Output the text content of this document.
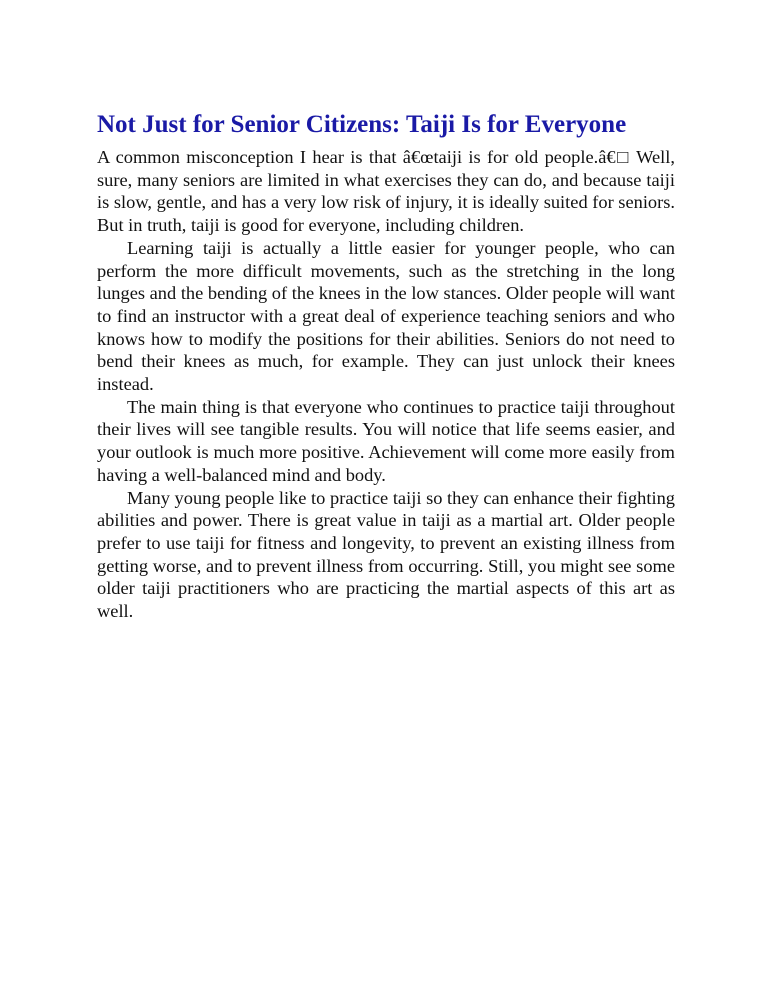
Not Just for Senior Citizens: Taiji Is for Everyone

A common misconception I hear is that â€œtaiji is for old people.â€□ Well, sure, many seniors are limited in what exercises they can do, and because taiji is slow, gentle, and has a very low risk of injury, it is ideally suited for seniors. But in truth, taiji is good for everyone, including children.

Learning taiji is actually a little easier for younger people, who can perform the more difficult movements, such as the stretching in the long lunges and the bending of the knees in the low stances. Older people will want to find an instructor with a great deal of experience teaching seniors and who knows how to modify the positions for their abilities. Seniors do not need to bend their knees as much, for example. They can just unlock their knees instead.

The main thing is that everyone who continues to practice taiji throughout their lives will see tangible results. You will notice that life seems easier, and your outlook is much more positive. Achievement will come more easily from having a well-balanced mind and body.

Many young people like to practice taiji so they can enhance their fighting abilities and power. There is great value in taiji as a martial art. Older people prefer to use taiji for fitness and longevity, to prevent an existing illness from getting worse, and to prevent illness from occurring. Still, you might see some older taiji practitioners who are practicing the martial aspects of this art as well.
